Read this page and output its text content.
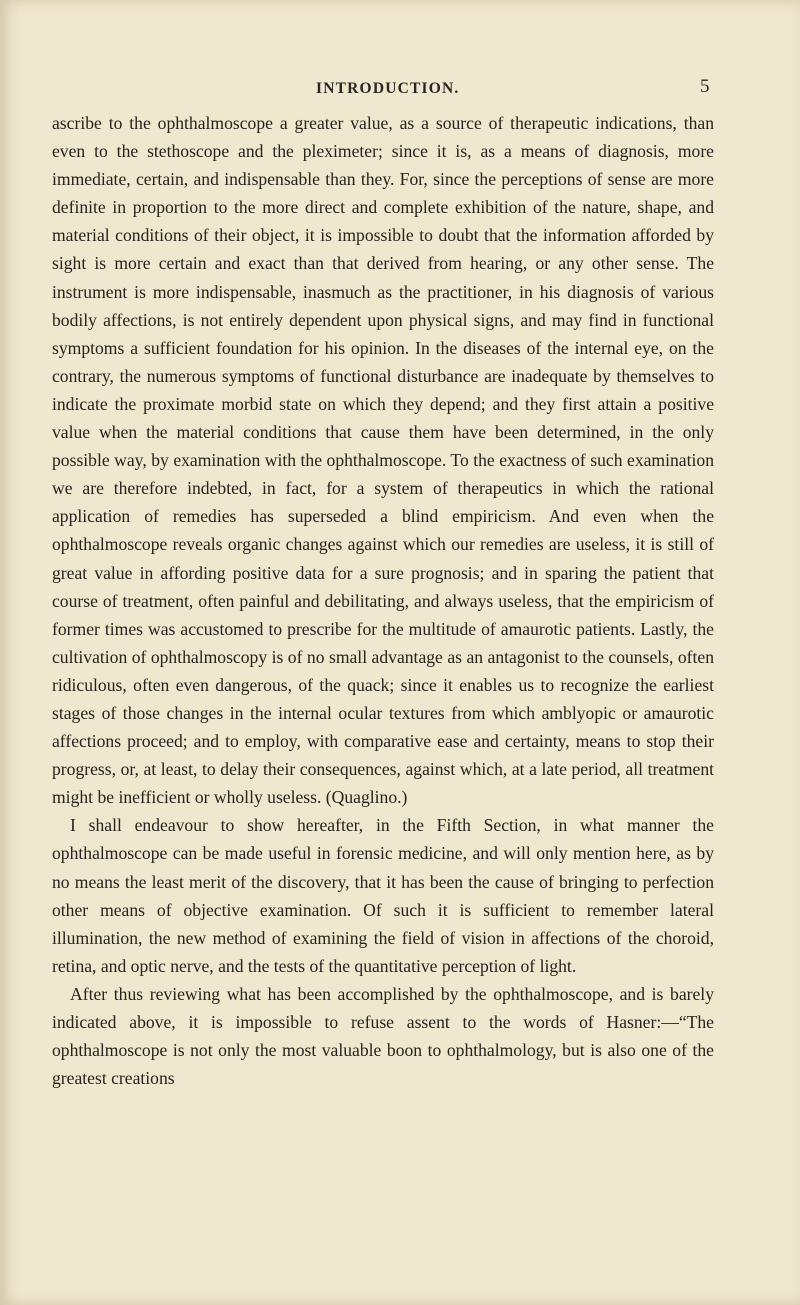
INTRODUCTION.	5

ascribe to the ophthalmoscope a greater value, as a source of therapeutic indications, than even to the stethoscope and the pleximeter; since it is, as a means of diagnosis, more immediate, certain, and indispensable than they. For, since the perceptions of sense are more definite in proportion to the more direct and complete exhibition of the nature, shape, and material conditions of their object, it is impossible to doubt that the information afforded by sight is more certain and exact than that derived from hearing, or any other sense. The instrument is more indispensable, inasmuch as the practitioner, in his diagnosis of various bodily affections, is not entirely dependent upon physical signs, and may find in functional symptoms a sufficient foundation for his opinion. In the diseases of the internal eye, on the contrary, the numerous symptoms of functional disturbance are inadequate by themselves to indicate the proximate morbid state on which they depend; and they first attain a positive value when the material conditions that cause them have been determined, in the only possible way, by examination with the ophthalmoscope. To the exactness of such examination we are therefore indebted, in fact, for a system of therapeutics in which the rational application of remedies has superseded a blind empiricism. And even when the ophthalmoscope reveals organic changes against which our remedies are useless, it is still of great value in affording positive data for a sure prognosis; and in sparing the patient that course of treatment, often painful and debilitating, and always useless, that the empiricism of former times was accustomed to prescribe for the multitude of amaurotic patients. Lastly, the cultivation of ophthalmoscopy is of no small advantage as an antagonist to the counsels, often ridiculous, often even dangerous, of the quack; since it enables us to recognize the earliest stages of those changes in the internal ocular textures from which amblyopic or amaurotic affections proceed; and to employ, with comparative ease and certainty, means to stop their progress, or, at least, to delay their consequences, against which, at a late period, all treatment might be inefficient or wholly useless. (Quaglino.)

I shall endeavour to show hereafter, in the Fifth Section, in what manner the ophthalmoscope can be made useful in forensic medicine, and will only mention here, as by no means the least merit of the discovery, that it has been the cause of bringing to perfection other means of objective examination. Of such it is sufficient to remember lateral illumination, the new method of examining the field of vision in affections of the choroid, retina, and optic nerve, and the tests of the quantitative perception of light.

After thus reviewing what has been accomplished by the ophthalmoscope, and is barely indicated above, it is impossible to refuse assent to the words of Hasner:—“The ophthalmoscope is not only the most valuable boon to ophthalmology, but is also one of the greatest creations
